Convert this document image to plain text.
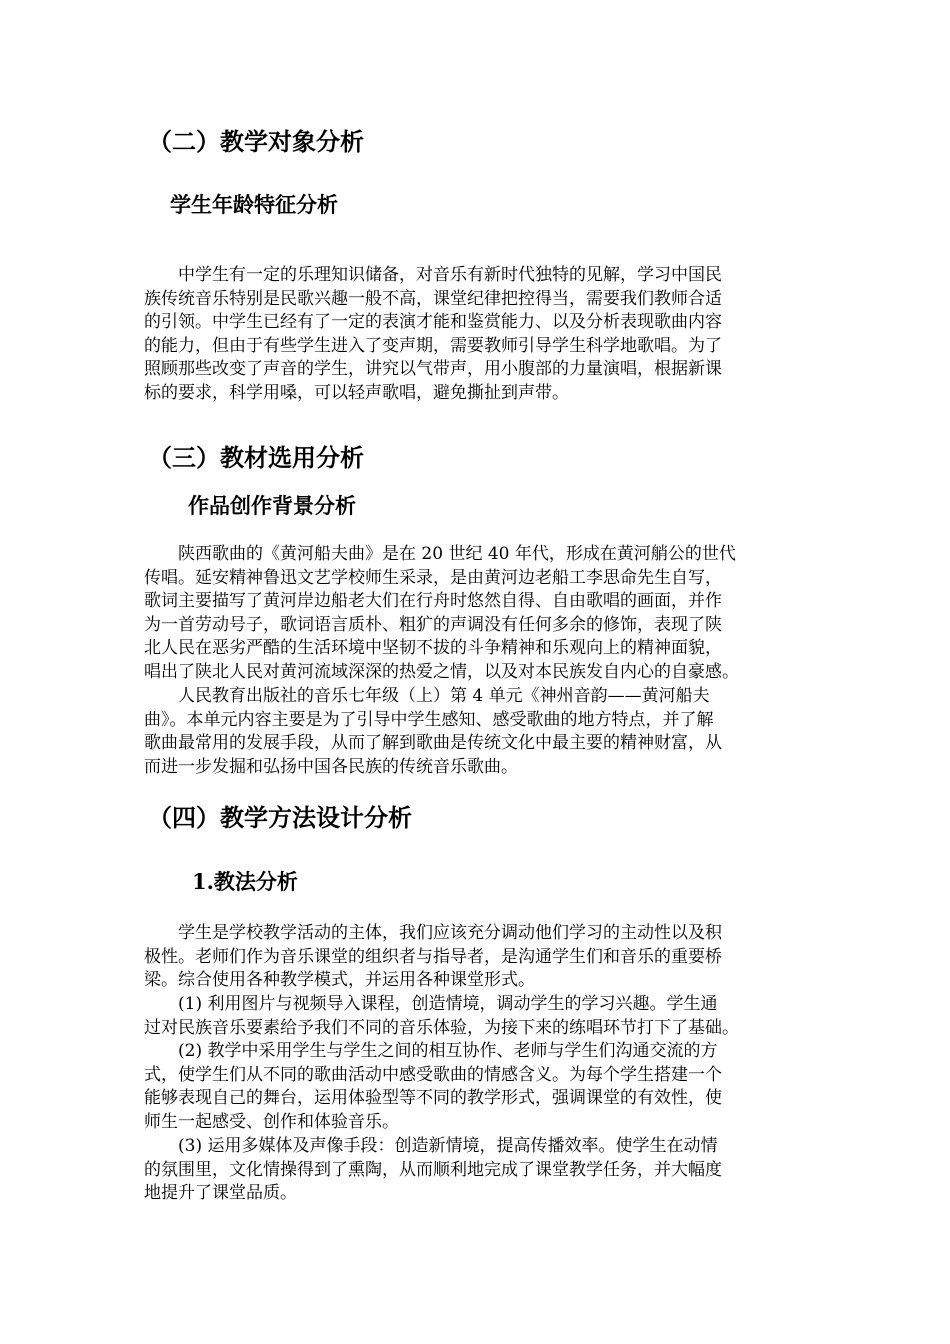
（二）教学对象分析
学生年龄特征分析
　　中学生有一定的乐理知识储备，对音乐有新时代独特的见解，学习中国民
族传统音乐特别是民歌兴趣一般不高，课堂纪律把控得当，需要我们教师合适
的引领。中学生已经有了一定的表演才能和鉴赏能力、以及分析表现歌曲内容
的能力，但由于有些学生进入了变声期，需要教师引导学生科学地歌唱。为了
照顾那些改变了声音的学生，讲究以气带声，用小腹部的力量演唱，根据新课
标的要求，科学用嗓，可以轻声歌唱，避免撕扯到声带。
（三）教材选用分析
作品创作背景分析
　　陕西歌曲的《黄河船夫曲》是在 20 世纪 40 年代，形成在黄河艄公的世代
传唱。延安精神鲁迅文艺学校师生采录，是由黄河边老船工李思命先生自写，
歌词主要描写了黄河岸边船老大们在行舟时悠然自得、自由歌唱的画面，并作
为一首劳动号子，歌词语言质朴、粗犷的声调没有任何多余的修饰，表现了陕
北人民在恶劣严酷的生活环境中坚韧不拔的斗争精神和乐观向上的精神面貌，
唱出了陕北人民对黄河流域深深的热爱之情，以及对本民族发自内心的自豪感。
　　人民教育出版社的音乐七年级（上）第 4 单元《神州音韵——黄河船夫
曲》。本单元内容主要是为了引导中学生感知、感受歌曲的地方特点，并了解
歌曲最常用的发展手段，从而了解到歌曲是传统文化中最主要的精神财富，从
而进一步发掘和弘扬中国各民族的传统音乐歌曲。
（四）教学方法设计分析
1.教法分析
　　学生是学校教学活动的主体，我们应该充分调动他们学习的主动性以及积
极性。老师们作为音乐课堂的组织者与指导者，是沟通学生们和音乐的重要桥
梁。综合使用各种教学模式，并运用各种课堂形式。
　　(1) 利用图片与视频导入课程，创造情境，调动学生的学习兴趣。学生通
过对民族音乐要素给予我们不同的音乐体验，为接下来的练唱环节打下了基础。
　　(2) 教学中采用学生与学生之间的相互协作、老师与学生们沟通交流的方
式，使学生们从不同的歌曲活动中感受歌曲的情感含义。为每个学生搭建一个
能够表现自己的舞台，运用体验型等不同的教学形式，强调课堂的有效性，使
师生一起感受、创作和体验音乐。
　　(3) 运用多媒体及声像手段：创造新情境，提高传播效率。使学生在动情
的氛围里，文化情操得到了熏陶，从而顺利地完成了课堂教学任务，并大幅度
地提升了课堂品质。
